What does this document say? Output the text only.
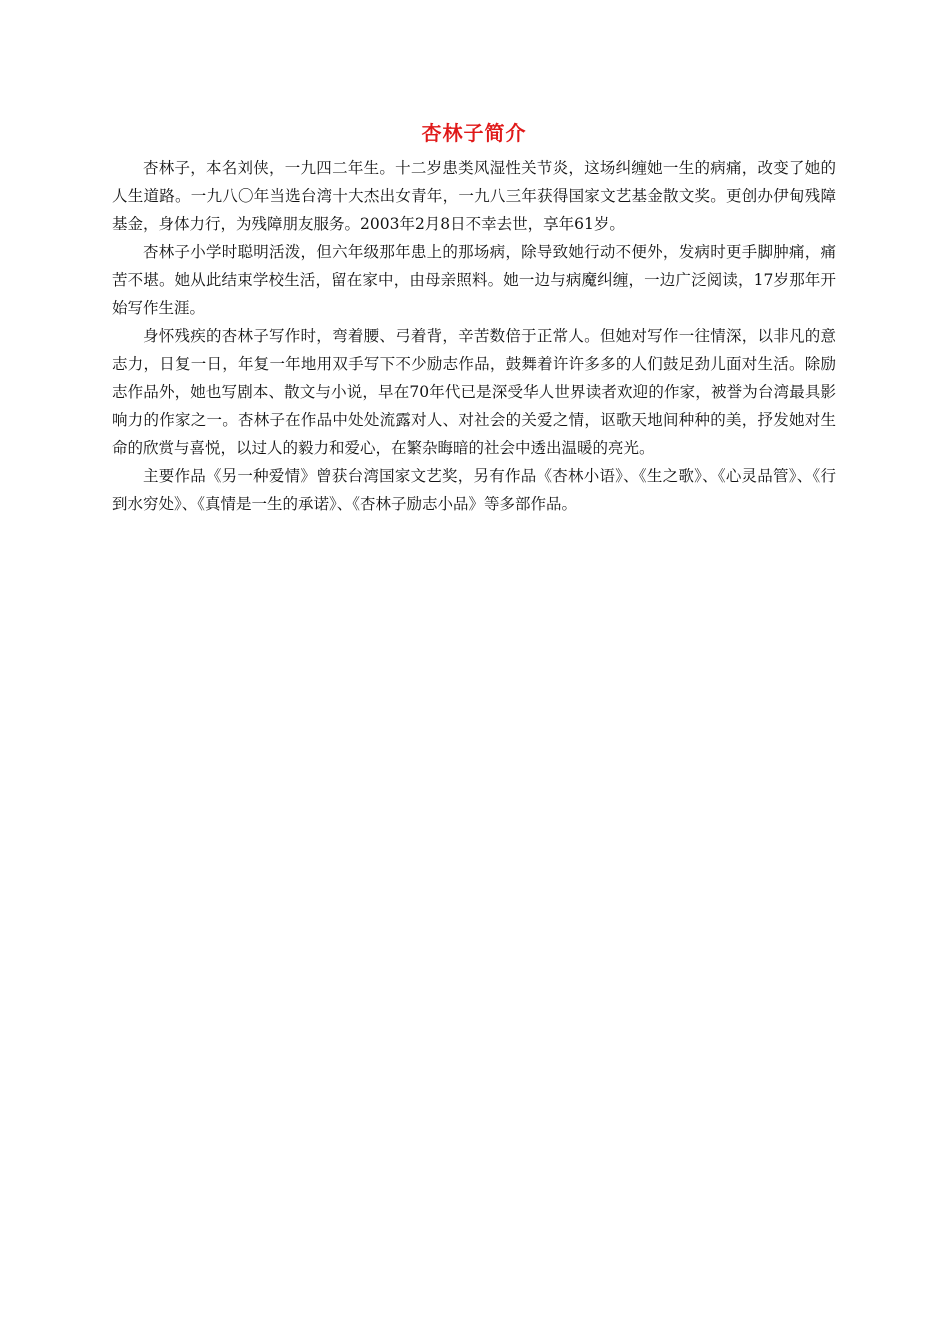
杏林子简介

杏林子，本名刘侠，一九四二年生。十二岁患类风湿性关节炎，这场纠缠她一生的病痛，改变了她的人生道路。一九八〇年当选台湾十大杰出女青年，一九八三年获得国家文艺基金散文奖。更创办伊甸残障基金，身体力行，为残障朋友服务。2003年2月8日不幸去世，享年61岁。

杏林子小学时聪明活泼，但六年级那年患上的那场病，除导致她行动不便外，发病时更手脚肿痛，痛苦不堪。她从此结束学校生活，留在家中，由母亲照料。她一边与病魔纠缠，一边广泛阅读，17岁那年开始写作生涯。

身怀残疾的杏林子写作时，弯着腰、弓着背，辛苦数倍于正常人。但她对写作一往情深，以非凡的意志力，日复一日，年复一年地用双手写下不少励志作品，鼓舞着许许多多的人们鼓足劲儿面对生活。除励志作品外，她也写剧本、散文与小说，早在70年代已是深受华人世界读者欢迎的作家，被誉为台湾最具影响力的作家之一。杏林子在作品中处处流露对人、对社会的关爱之情，讴歌天地间种种的美，抒发她对生命的欣赏与喜悦，以过人的毅力和爱心，在繁杂晦暗的社会中透出温暖的亮光。

主要作品《另一种爱情》曾获台湾国家文艺奖，另有作品《杏林小语》、《生之歌》、《心灵品管》、《行到水穷处》、《真情是一生的承诺》、《杏林子励志小品》等多部作品。
